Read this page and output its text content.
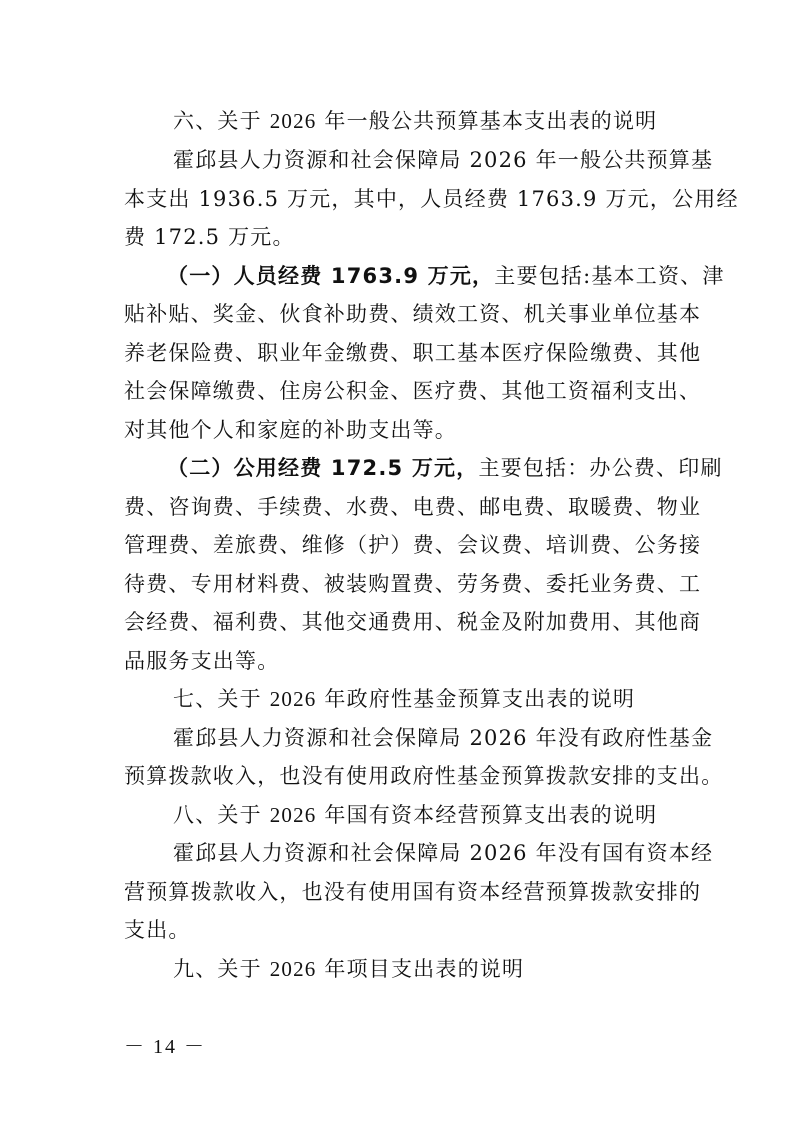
六、关于 2026 年一般公共预算基本支出表的说明
霍邱县人力资源和社会保障局 2026 年一般公共预算基
本支出 1936.5 万元，其中，人员经费 1763.9 万元，公用经
费 172.5 万元。
（一）人员经费 1763.9 万元，主要包括:基本工资、津
贴补贴、奖金、伙食补助费、绩效工资、机关事业单位基本
养老保险费、职业年金缴费、职工基本医疗保险缴费、其他
社会保障缴费、住房公积金、医疗费、其他工资福利支出、
对其他个人和家庭的补助支出等。
（二）公用经费 172.5 万元，主要包括：办公费、印刷
费、咨询费、手续费、水费、电费、邮电费、取暖费、物业
管理费、差旅费、维修（护）费、会议费、培训费、公务接
待费、专用材料费、被装购置费、劳务费、委托业务费、工
会经费、福利费、其他交通费用、税金及附加费用、其他商
品服务支出等。
七、关于 2026 年政府性基金预算支出表的说明
霍邱县人力资源和社会保障局 2026 年没有政府性基金
预算拨款收入，也没有使用政府性基金预算拨款安排的支出。
八、关于 2026 年国有资本经营预算支出表的说明
霍邱县人力资源和社会保障局 2026 年没有国有资本经
营预算拨款收入，也没有使用国有资本经营预算拨款安排的
支出。
九、关于 2026 年项目支出表的说明
－ 14 －
